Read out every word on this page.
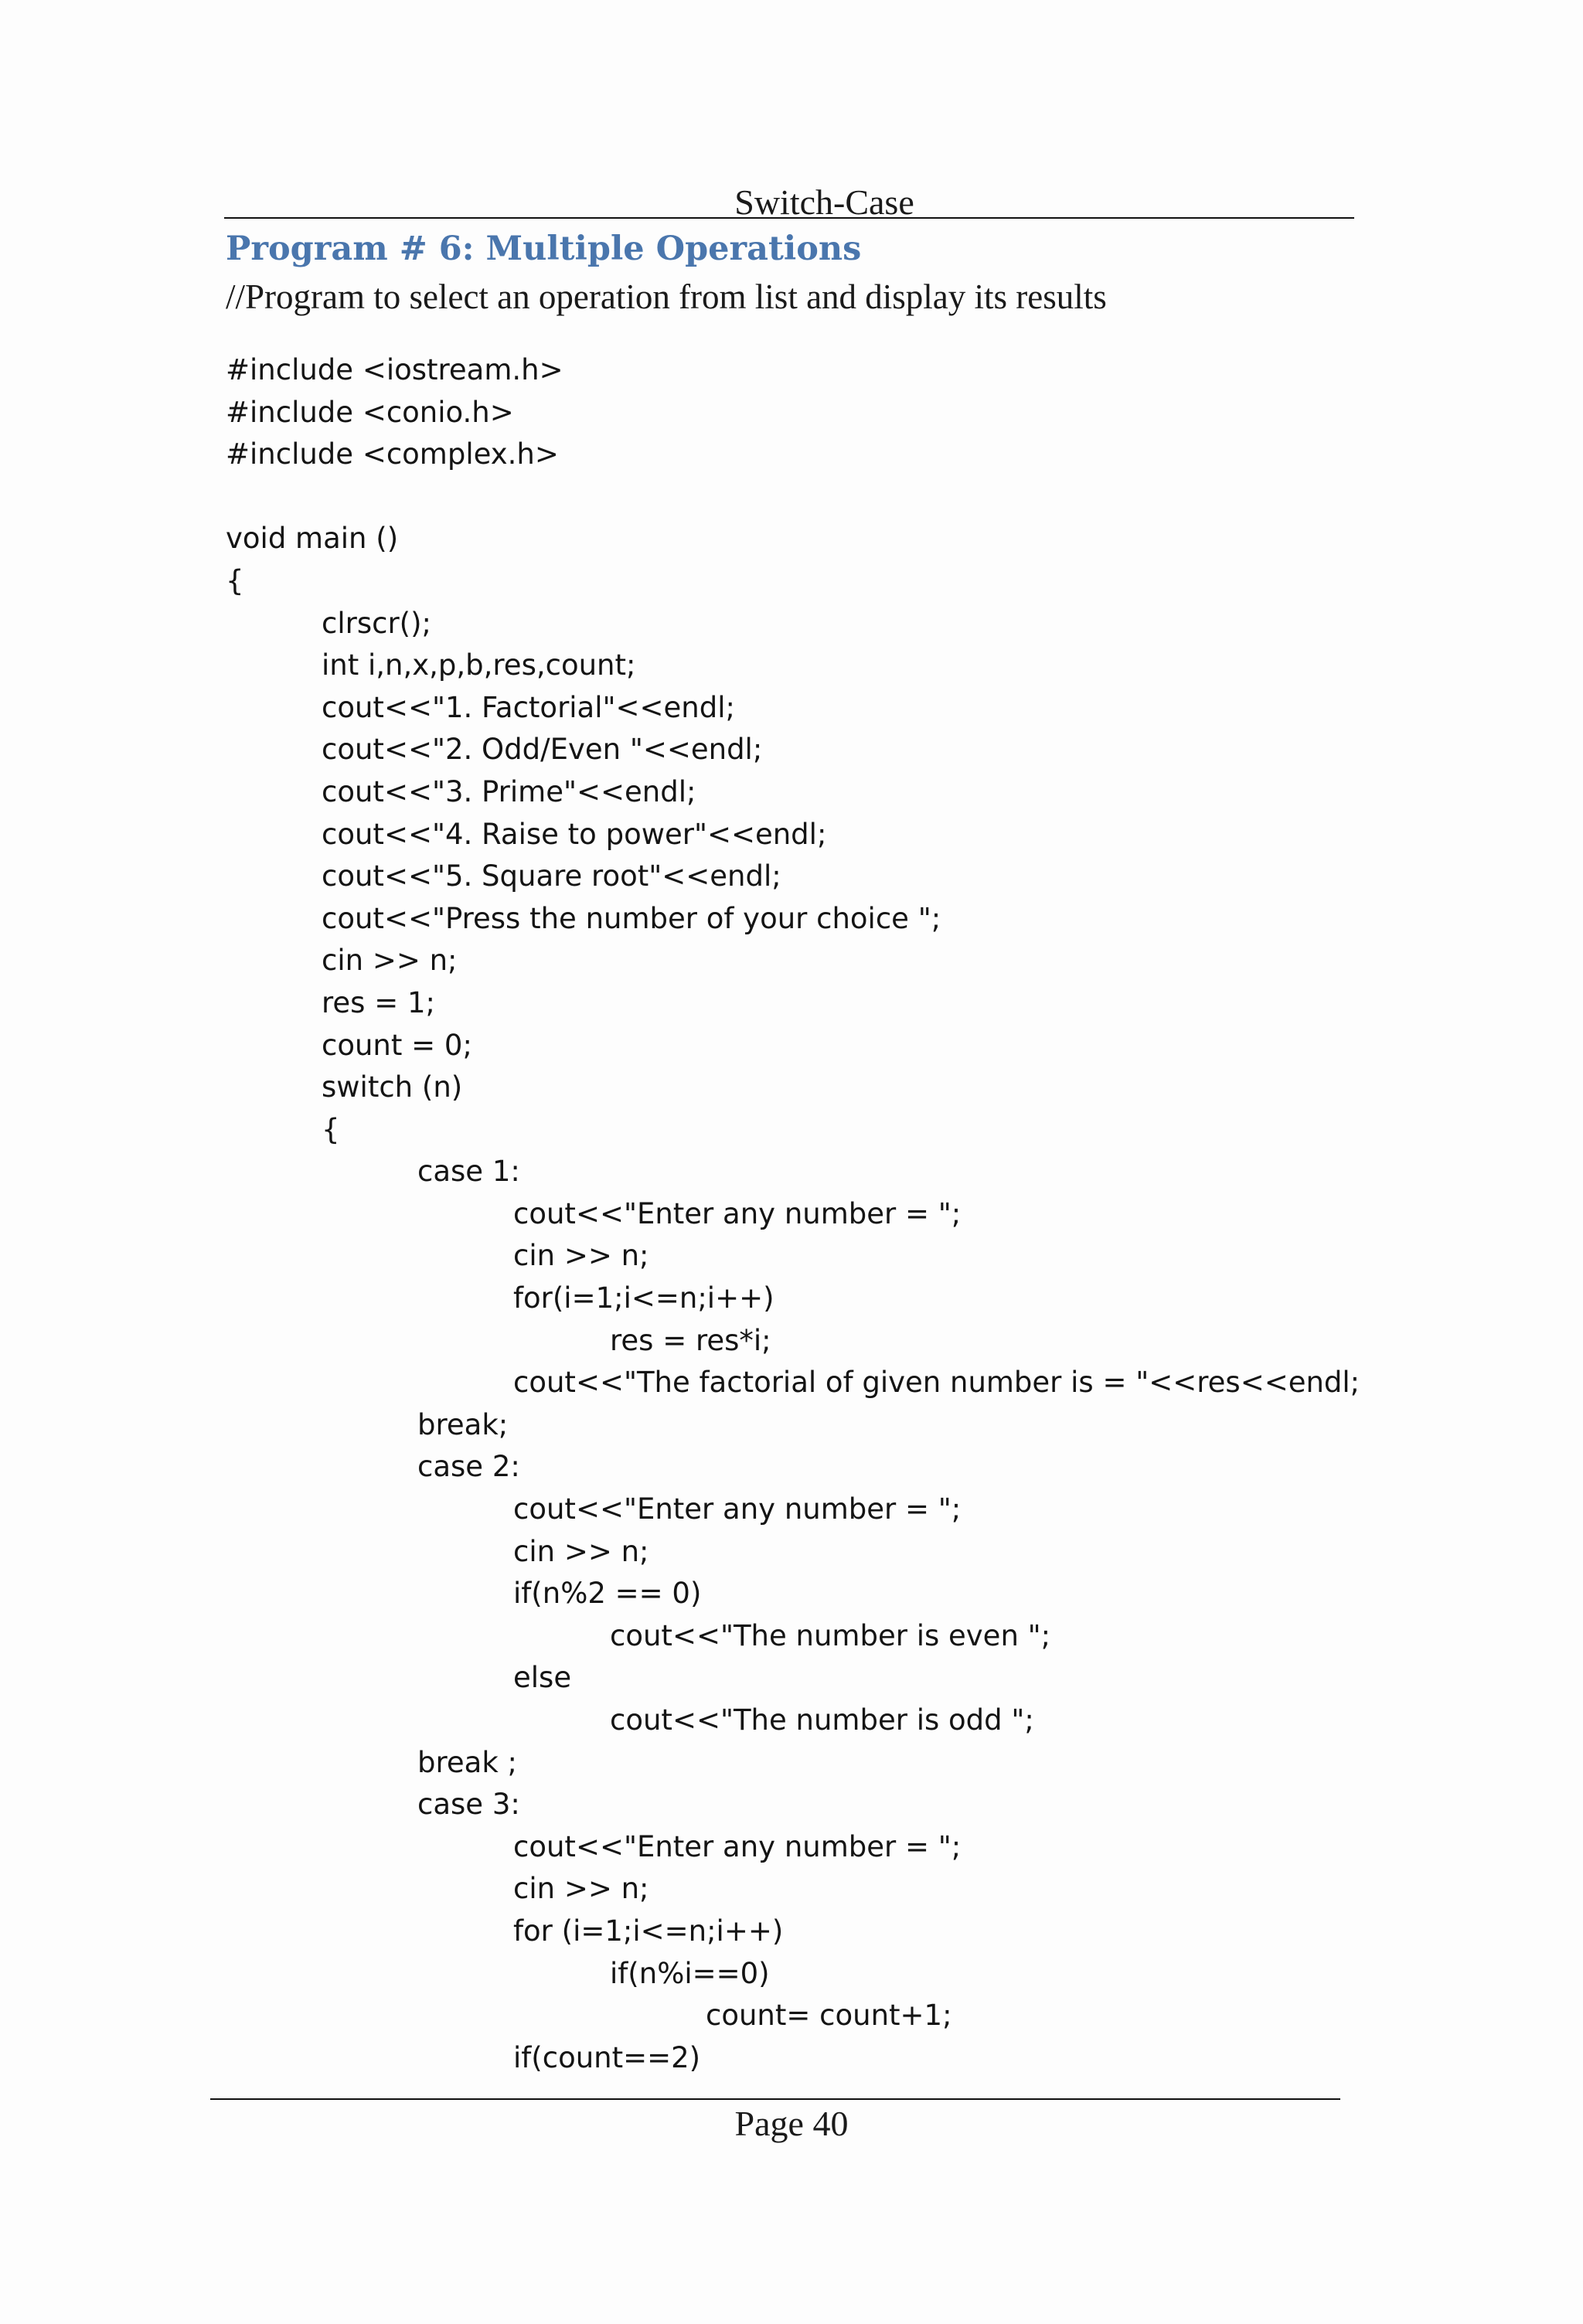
Switch-Case
Program # 6: Multiple Operations
//Program to select an operation from list and display its results
#include <iostream.h>
#include <conio.h>
#include <complex.h>
void main ()
{
clrscr();
int i,n,x,p,b,res,count;
cout<<"1. Factorial"<<endl;
cout<<"2. Odd/Even "<<endl;
cout<<"3. Prime"<<endl;
cout<<"4. Raise to power"<<endl;
cout<<"5. Square root"<<endl;
cout<<"Press the number of your choice ";
cin >> n;
res = 1;
count = 0;
switch (n)
{
case 1:
cout<<"Enter any number = ";
cin >> n;
for(i=1;i<=n;i++)
res = res*i;
cout<<"The factorial of given number is = "<<res<<endl;
break;
case 2:
cout<<"Enter any number = ";
cin >> n;
if(n%2 == 0)
cout<<"The number is even ";
else
cout<<"The number is odd ";
break ;
case 3:
cout<<"Enter any number = ";
cin >> n;
for (i=1;i<=n;i++)
if(n%i==0)
count= count+1;
if(count==2)
Page 40
